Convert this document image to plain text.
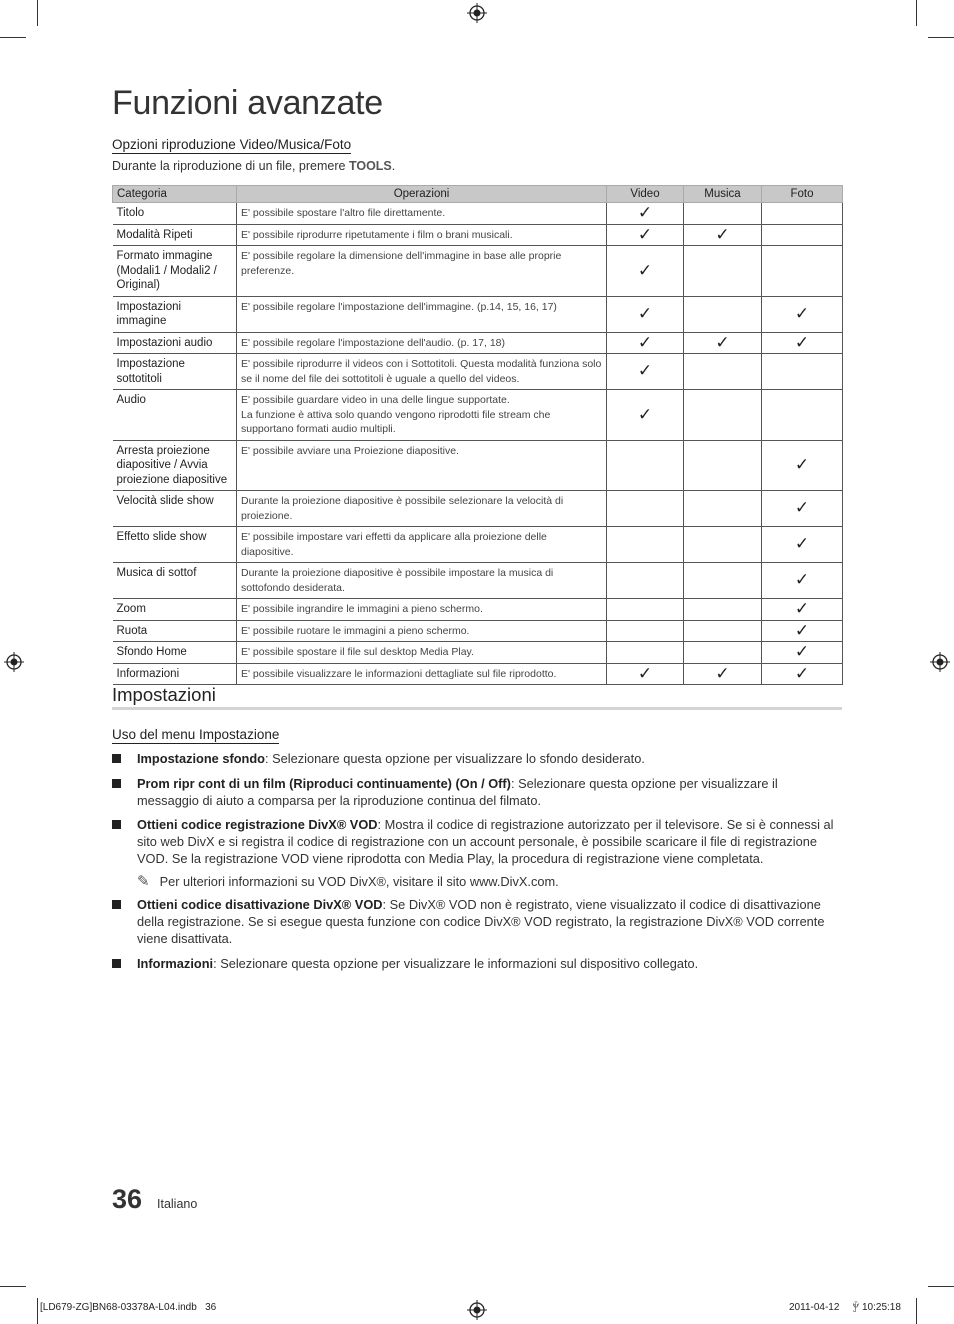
Funzioni avanzate
Opzioni riproduzione Video/Musica/Foto
Durante la riproduzione di un file, premere TOOLS.
Categoria	Operazioni	Video	Musica	Foto
Titolo	E' possibile spostare l'altro file direttamente.	✓		
Modalità Ripeti	E' possibile riprodurre ripetutamente i film o brani musicali.	✓	✓	
Formato immagine (Modali1 / Modali2 / Original)	E' possibile regolare la dimensione dell'immagine in base alle proprie preferenze.	✓		
Impostazioni immagine	E' possibile regolare l'impostazione dell'immagine. (p.14, 15, 16, 17)	✓		✓
Impostazioni audio	E' possibile regolare l'impostazione dell'audio. (p. 17, 18)	✓	✓	✓
Impostazione sottotitoli	E' possibile riprodurre il videos con i Sottotitoli. Questa modalità funziona solo se il nome del file dei sottotitoli è uguale a quello del videos.	✓		
Audio	E' possibile guardare video in una delle lingue supportate.
La funzione è attiva solo quando vengono riprodotti file stream che supportano formati audio multipli.	✓		
Arresta proiezione diapositive / Avvia proiezione diapositive	E' possibile avviare una Proiezione diapositive.			✓
Velocità slide show	Durante la proiezione diapositive è possibile selezionare la velocità di proiezione.			✓
Effetto slide show	E' possibile impostare vari effetti da applicare alla proiezione delle diapositive.			✓
Musica di sottof	Durante la proiezione diapositive è possibile impostare la musica di sottofondo desiderata.			✓
Zoom	E' possibile ingrandire le immagini a pieno schermo.			✓
Ruota	E' possibile ruotare le immagini a pieno schermo.			✓
Sfondo Home	E' possibile spostare il file sul desktop Media Play.			✓
Informazioni	E' possibile visualizzare le informazioni dettagliate sul file riprodotto.	✓	✓	✓
Impostazioni
Uso del menu Impostazione
Impostazione sfondo: Selezionare questa opzione per visualizzare lo sfondo desiderato.
Prom ripr cont di un film (Riproduci continuamente) (On / Off): Selezionare questa opzione per visualizzare il messaggio di aiuto a comparsa per la riproduzione continua del filmato.
Ottieni codice registrazione DivX® VOD: Mostra il codice di registrazione autorizzato per il televisore. Se si è connessi al sito web DivX e si registra il codice di registrazione con un account personale, è possibile scaricare il file di registrazione VOD. Se la registrazione VOD viene riprodotta con Media Play, la procedura di registrazione viene completata.
✎ Per ulteriori informazioni su VOD DivX®, visitare il sito www.DivX.com.
Ottieni codice disattivazione DivX® VOD: Se DivX® VOD non è registrato, viene visualizzato il codice di disattivazione della registrazione. Se si esegue questa funzione con codice DivX® VOD registrato, la registrazione DivX® VOD corrente viene disattivata.
Informazioni: Selezionare questa opzione per visualizzare le informazioni sul dispositivo collegato.
36 Italiano
[LD679-ZG]BN68-03378A-L04.indb   36	2011-04-12 ꂕ 10:25:18
